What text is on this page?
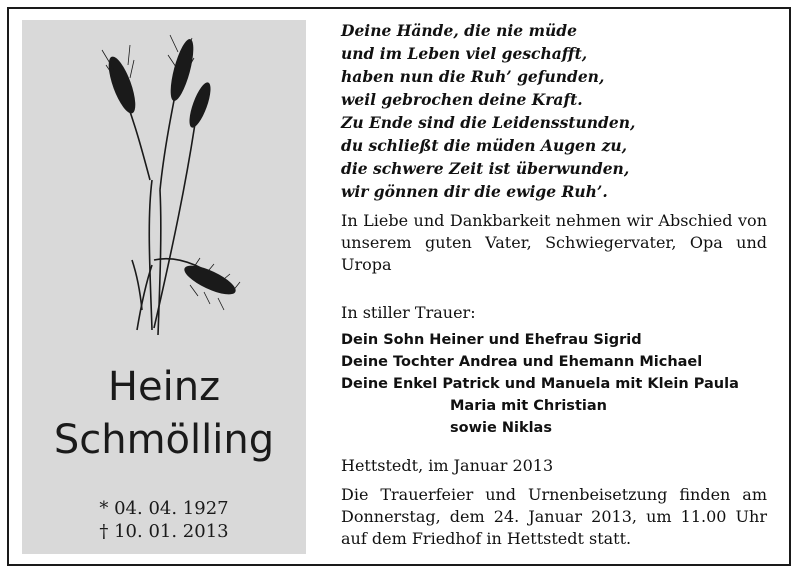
Heinz
Schmölling
* 04. 04. 1927
† 10. 01. 2013
Deine Hände, die nie müde
und im Leben viel geschafft,
haben nun die Ruh’ gefunden,
weil gebrochen deine Kraft.
Zu Ende sind die Leidensstunden,
du schließt die müden Augen zu,
die schwere Zeit ist überwunden,
wir gönnen dir die ewige Ruh’.

In Liebe und Dankbarkeit nehmen wir Abschied von unserem guten Vater, Schwiegervater, Opa und Uropa

In stiller Trauer:

Dein Sohn Heiner und Ehefrau Sigrid

Deine Tochter Andrea und Ehemann Michael

Deine Enkel Patrick und Manuela mit Klein Paula

Maria mit Christian

sowie Niklas

Hettstedt, im Januar 2013

Die Trauerfeier und Urnenbeisetzung finden am Donnerstag, dem 24. Januar 2013, um 11.00 Uhr auf dem Friedhof in Hettstedt statt.
